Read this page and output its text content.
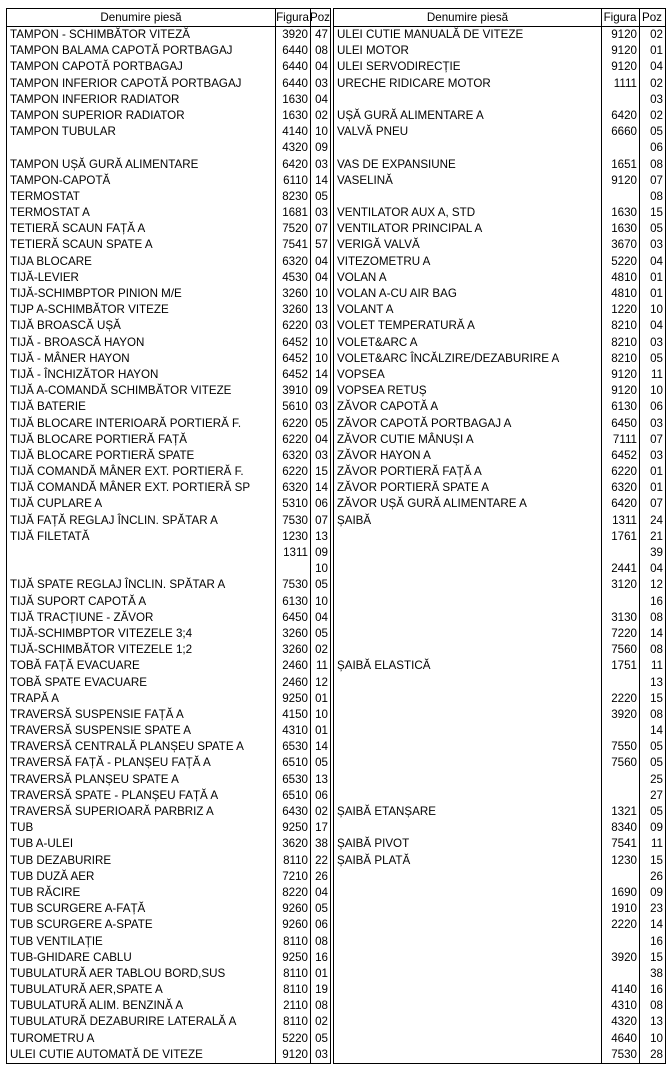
Denumire piesă	Figura Poz
TAMPON - SCHIMBĂTOR VITEZĂ	3920 47
TAMPON BALAMA CAPOTĂ PORTBAGAJ	6440 08
TAMPON CAPOTĂ PORTBAGAJ	6440 04
TAMPON INFERIOR CAPOTĂ PORTBAGAJ	6440 03
TAMPON INFERIOR RADIATOR	1630 04
TAMPON SUPERIOR RADIATOR	1630 02
TAMPON TUBULAR	4140 10
4320 09
TAMPON UȘĂ GURĂ ALIMENTARE	6420 03
TAMPON-CAPOTĂ	6110 14
TERMOSTAT	8230 05
TERMOSTAT A	1681 03
TETIERĂ SCAUN FAȚĂ A	7520 07
TETIERĂ SCAUN SPATE A	7541 57
TIJA BLOCARE	6320 04
TIJĂ-LEVIER	4530 04
TIJĂ-SCHIMBPTOR PINION M/E	3260 10
TIJP A-SCHIMBĂTOR VITEZE	3260 13
TIJĂ BROASCĂ UȘĂ	6220 03
TIJĂ - BROASCĂ HAYON	6452 10
TIJĂ - MÂNER HAYON	6452 10
TIJĂ - ÎNCHIZĂTOR HAYON	6452 14
TIJĂ A-COMANDĂ SCHIMBĂTOR VITEZE	3910 09
TIJĂ BATERIE	5610 03
TIJĂ BLOCARE INTERIOARĂ PORTIERĂ F.	6220 05
TIJĂ BLOCARE PORTIERĂ FAȚĂ	6220 04
TIJĂ BLOCARE PORTIERĂ SPATE	6320 03
TIJĂ COMANDĂ MÂNER EXT. PORTIERĂ F.	6220 15
TIJĂ COMANDĂ MÂNER EXT. PORTIERĂ SP	6320 14
TIJĂ CUPLARE A	5310 06
TIJĂ FAȚĂ REGLAJ ÎNCLIN. SPĂTAR A	7530 07
TIJĂ FILETATĂ	1230 13
1311 09
10
TIJĂ SPATE REGLAJ ÎNCLIN. SPĂTAR A	7530 05
TIJĂ SUPORT CAPOTĂ A	6130 10
TIJĂ TRACȚIUNE - ZĂVOR	6450 04
TIJĂ-SCHIMBPTOR VITEZELE 3;4	3260 05
TIJĂ-SCHIMBĂTOR VITEZELE 1;2	3260 02
TOBĂ FAȚĂ EVACUARE	2460 11
TOBĂ SPATE EVACUARE	2460 12
TRAPĂ A	9250 01
TRAVERSĂ SUSPENSIE FAȚĂ A	4150 10
TRAVERSĂ SUSPENSIE SPATE A	4310 01
TRAVERSĂ CENTRALĂ PLANȘEU SPATE A	6530 14
TRAVERSĂ FAȚĂ - PLANȘEU FAȚĂ A	6510 05
TRAVERSĂ PLANȘEU SPATE A	6530 13
TRAVERSĂ SPATE - PLANȘEU FAȚĂ A	6510 06
TRAVERSĂ SUPERIOARĂ PARBRIZ A	6430 02
TUB	9250 17
TUB A-ULEI	3620 38
TUB DEZABURIRE	8110 22
TUB DUZĂ AER	7210 26
TUB RĂCIRE	8220 04
TUB SCURGERE A-FAȚĂ	9260 05
TUB SCURGERE A-SPATE	9260 06
TUB VENTILAȚIE	8110 08
TUB-GHIDARE CABLU	9250 16
TUBULATURĂ AER TABLOU BORD,SUS	8110 01
TUBULATURĂ AER,SPATE A	8110 19
TUBULATURĂ ALIM. BENZINĂ A	2110 08
TUBULATURĂ DEZABURIRE LATERALĂ A	8110 02
TUROMETRU A	5220 05
ULEI CUTIE AUTOMATĂ DE VITEZE	9120 03
Denumire piesă	Figura Poz
ULEI CUTIE MANUALĂ DE VITEZE	9120	02
ULEI MOTOR	9120	01
ULEI SERVODIRECȚIE	9120	04
URECHE RIDICARE MOTOR	1111	02
03
UȘĂ GURĂ ALIMENTARE A	6420	02
VALVĂ PNEU	6660	05
06
VAS DE EXPANSIUNE	1651	08
VASELINĂ	9120	07
08
VENTILATOR AUX A, STD	1630	15
VENTILATOR PRINCIPAL A	1630	05
VERIGĂ VALVĂ	3670	03
VITEZOMETRU A	5220	04
VOLAN A	4810	01
VOLAN A-CU AIR BAG	4810	01
VOLANT A	1220	10
VOLET TEMPERATURĂ A	8210	04
VOLET&ARC A	8210	03
VOLET&ARC ÎNCĂLZIRE/DEZABURIRE A	8210	05
VOPSEA	9120	11
VOPSEA RETUȘ	9120	10
ZĂVOR CAPOTĂ A	6130	06
ZĂVOR CAPOTĂ PORTBAGAJ A	6450	03
ZĂVOR CUTIE MÂNUȘI A	7111	07
ZĂVOR HAYON A	6452	03
ZĂVOR PORTIERĂ FAȚĂ A	6220	01
ZĂVOR PORTIERĂ SPATE A	6320	01
ZĂVOR UȘĂ GURĂ ALIMENTARE A	6420	07
ȘAIBĂ	1311	24
1761	21
39
2441	04
3120	12
16
3130	08
7220	14
7560	08
ȘAIBĂ ELASTICĂ	1751	11
13
2220	15
3920	08
14
7550	05
7560	05
25
27
ȘAIBĂ ETANȘARE	1321	05
8340	09
ȘAIBĂ PIVOT	7541	11
ȘAIBĂ PLATĂ	1230	15
26
1690	09
1910	23
2220	14
16
3920	15
38
4140	16
4310	08
4320	13
4640	10
7530	28
